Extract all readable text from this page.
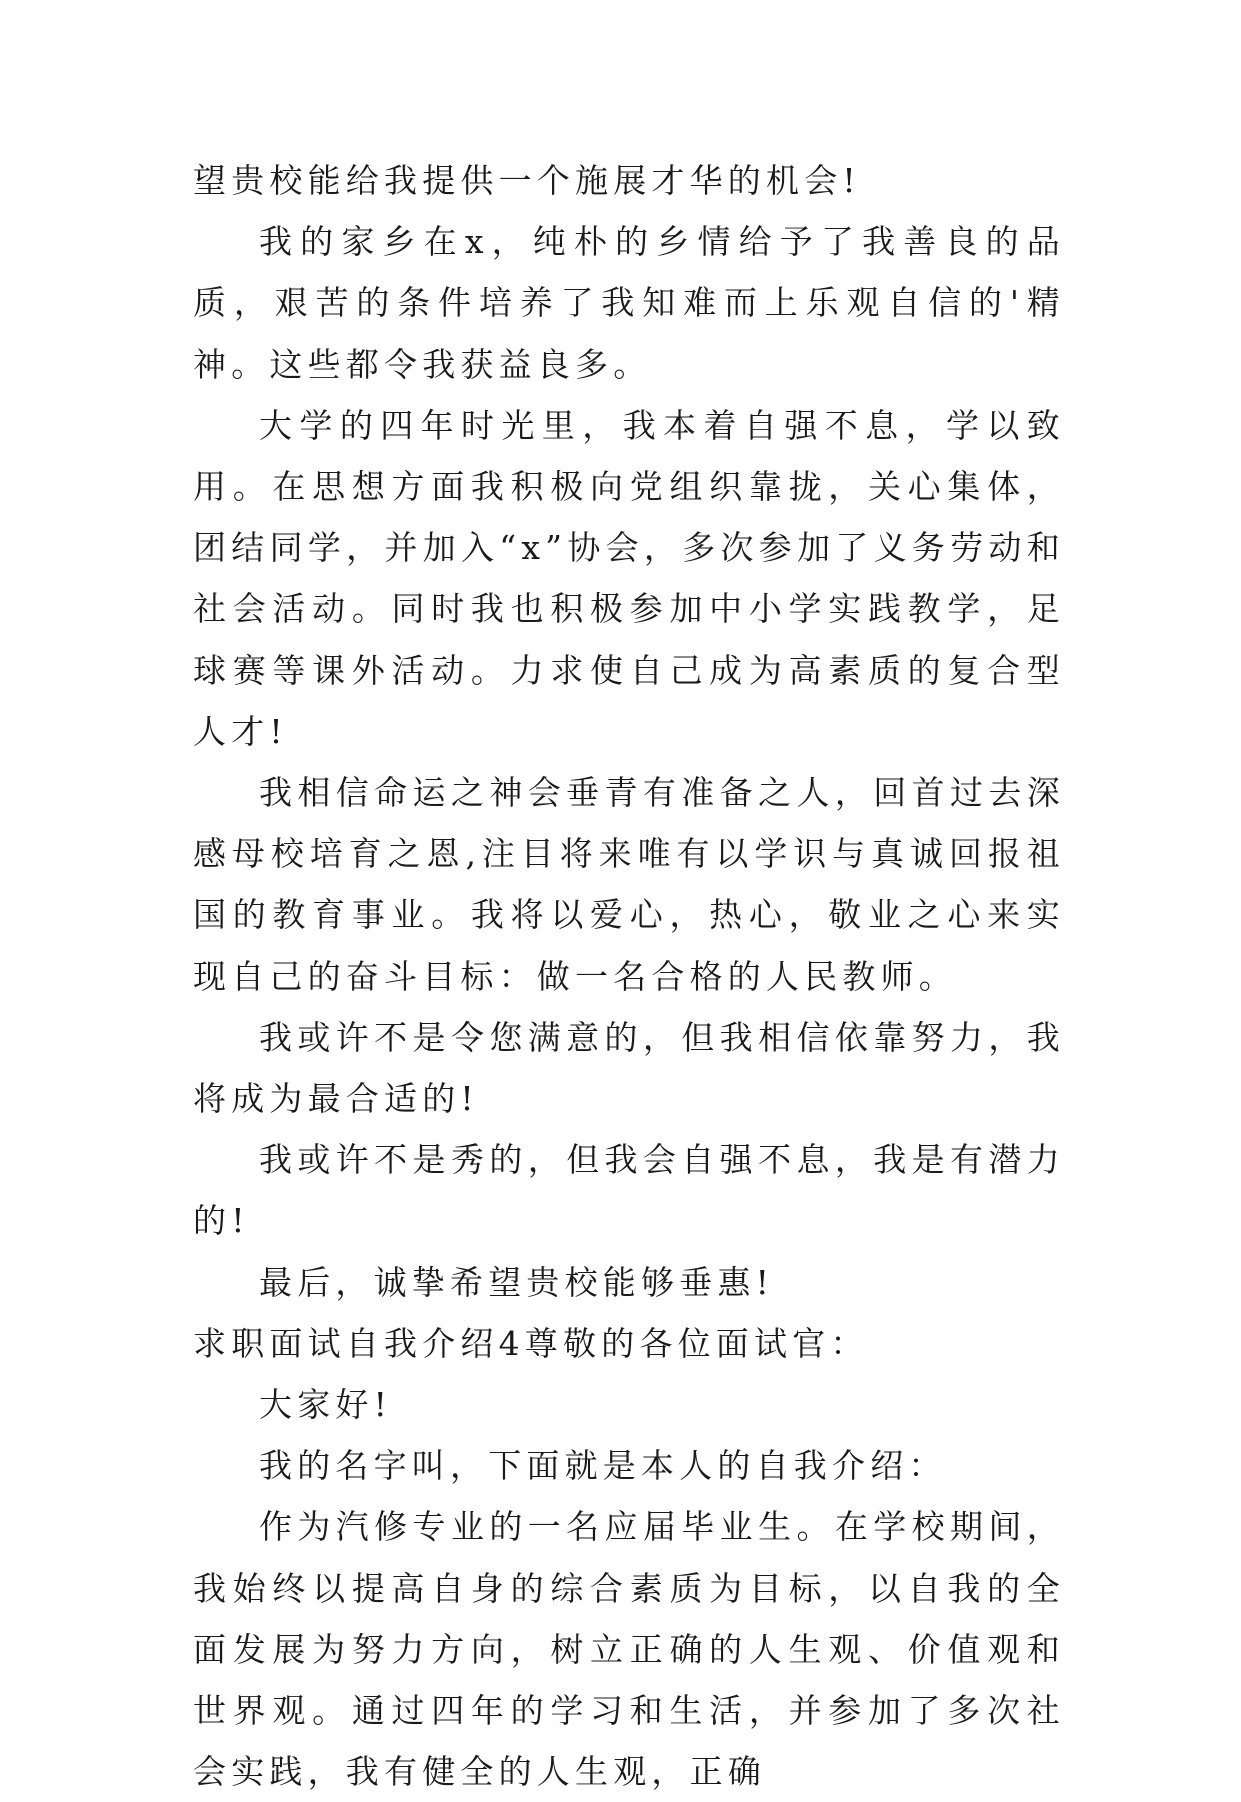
望贵校能给我提供一个施展才华的机会!

我的家乡在x，纯朴的乡情给予了我善良的品质，艰苦的条件培养了我知难而上乐观自信的'精神。这些都令我获益良多。

大学的四年时光里，我本着自强不息，学以致用。在思想方面我积极向党组织靠拢，关心集体，团结同学，并加入“x”协会，多次参加了义务劳动和社会活动。同时我也积极参加中小学实践教学，足球赛等课外活动。力求使自己成为高素质的复合型人才!

我相信命运之神会垂青有准备之人，回首过去深感母校培育之恩,注目将来唯有以学识与真诚回报祖国的教育事业。我将以爱心，热心，敬业之心来实现自己的奋斗目标：做一名合格的人民教师。

我或许不是令您满意的，但我相信依靠努力，我将成为最合适的!

我或许不是秀的，但我会自强不息，我是有潜力的!

最后，诚挚希望贵校能够垂惠!

求职面试自我介绍4尊敬的各位面试官：

大家好!

我的名字叫，下面就是本人的自我介绍：

作为汽修专业的一名应届毕业生。在学校期间，我始终以提高自身的综合素质为目标，以自我的全面发展为努力方向，树立正确的人生观、价值观和世界观。通过四年的学习和生活，并参加了多次社会实践，我有健全的人生观，正确
